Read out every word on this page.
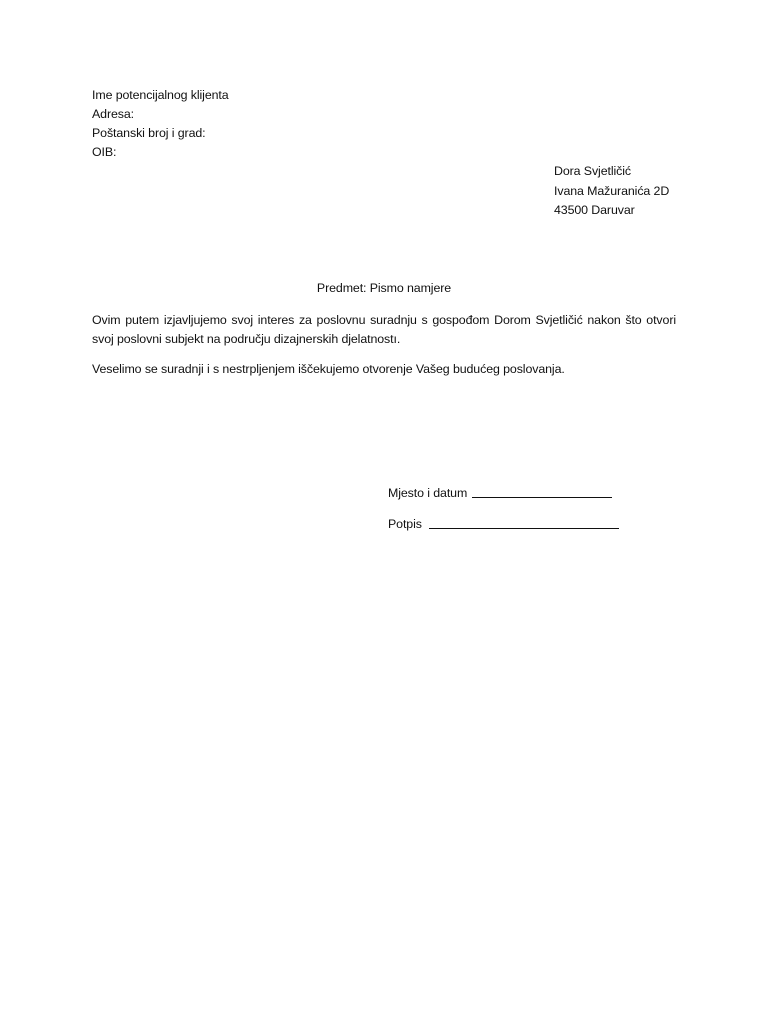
Ime potencijalnog klijenta
Adresa:
Poštanski broj i grad:
OIB:
Dora Svjetličić
Ivana Mažuranića 2D
43500 Daruvar
Predmet: Pismo namjere

Ovim putem izjavljujemo svoj interes za poslovnu suradnju s gospođom Dorom Svjetličić nakon što otvori svoj poslovni subjekt na području dizajnerskih djelatnostı.

Veselimo se suradnji i s nestrpljenjem iščekujemo otvorenje Vašeg budućeg poslovanja.

Mjesto i datum
Potpis
